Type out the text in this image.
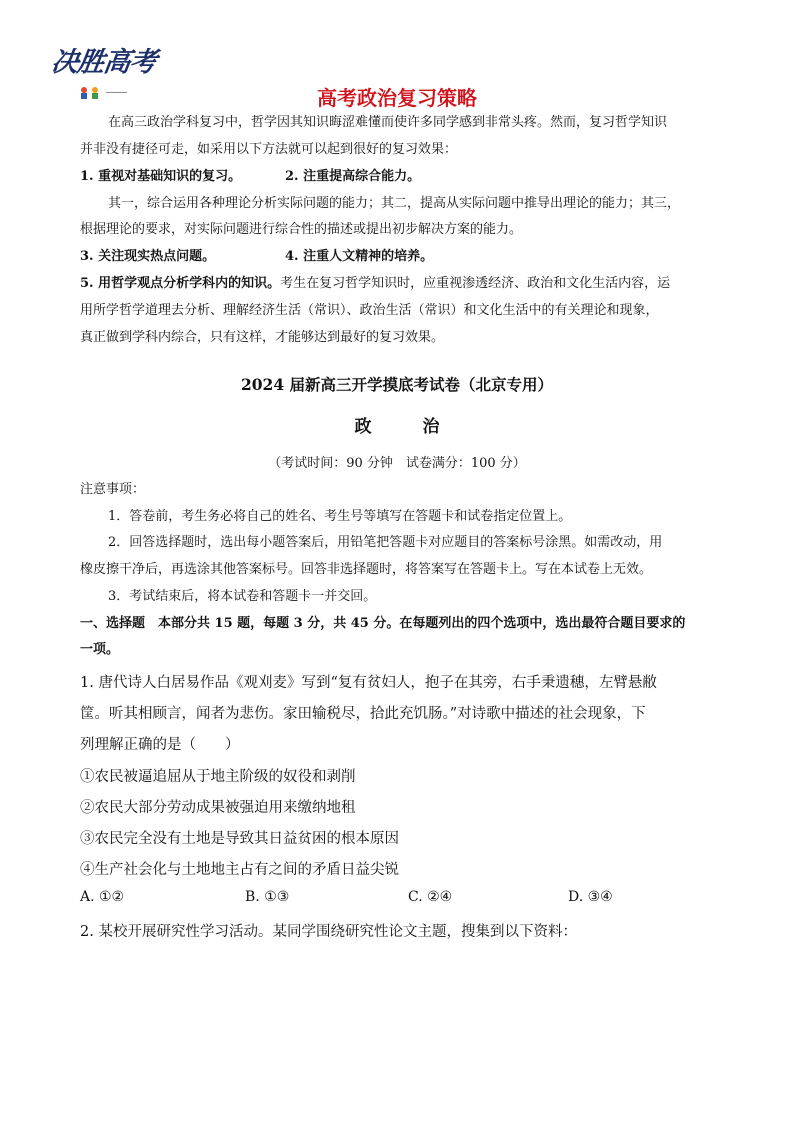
决胜高考
━━━━━━━	高考政治复习策略
在高三政治学科复习中，哲学因其知识晦涩难懂而使许多同学感到非常头疼。然而，复习哲学知识
并非没有捷径可走，如采用以下方法就可以起到很好的复习效果：
1. 重视对基础知识的复习。	2. 注重提高综合能力。
其一，综合运用各种理论分析实际问题的能力；其二，提高从实际问题中推导出理论的能力；其三，
根据理论的要求，对实际问题进行综合性的描述或提出初步解决方案的能力。
3. 关注现实热点问题。	4. 注重人文精神的培养。
5. 用哲学观点分析学科内的知识。考生在复习哲学知识时，应重视渗透经济、政治和文化生活内容，运
用所学哲学道理去分析、理解经济生活（常识）、政治生活（常识）和文化生活中的有关理论和现象，
真正做到学科内综合，只有这样，才能够达到最好的复习效果。
2024 届新高三开学摸底考试卷（北京专用）
政　　　治
（考试时间：90 分钟　试卷满分：100 分）
注意事项：
1．答卷前，考生务必将自己的姓名、考生号等填写在答题卡和试卷指定位置上。
2．回答选择题时，选出每小题答案后，用铅笔把答题卡对应题目的答案标号涂黑。如需改动，用
橡皮擦干净后，再选涂其他答案标号。回答非选择题时，将答案写在答题卡上。写在本试卷上无效。
3．考试结束后，将本试卷和答题卡一并交回。
一、选择题　本部分共 15 题，每题 3 分，共 45 分。在每题列出的四个选项中，选出最符合题目要求的
一项。
1. 唐代诗人白居易作品《观刈麦》写到“复有贫妇人，抱子在其旁，右手秉遗穗，左臂悬敝
筐。听其相顾言，闻者为悲伤。家田输税尽，拾此充饥肠。”对诗歌中描述的社会现象，下
列理解正确的是（　　）
①农民被逼追屈从于地主阶级的奴役和剥削
②农民大部分劳动成果被强迫用来缴纳地租
③农民完全没有土地是导致其日益贫困的根本原因
④生产社会化与土地地主占有之间的矛盾日益尖锐
A. ①②	B. ①③	C. ②④	D. ③④
2. 某校开展研究性学习活动。某同学围绕研究性论文主题，搜集到以下资料：
